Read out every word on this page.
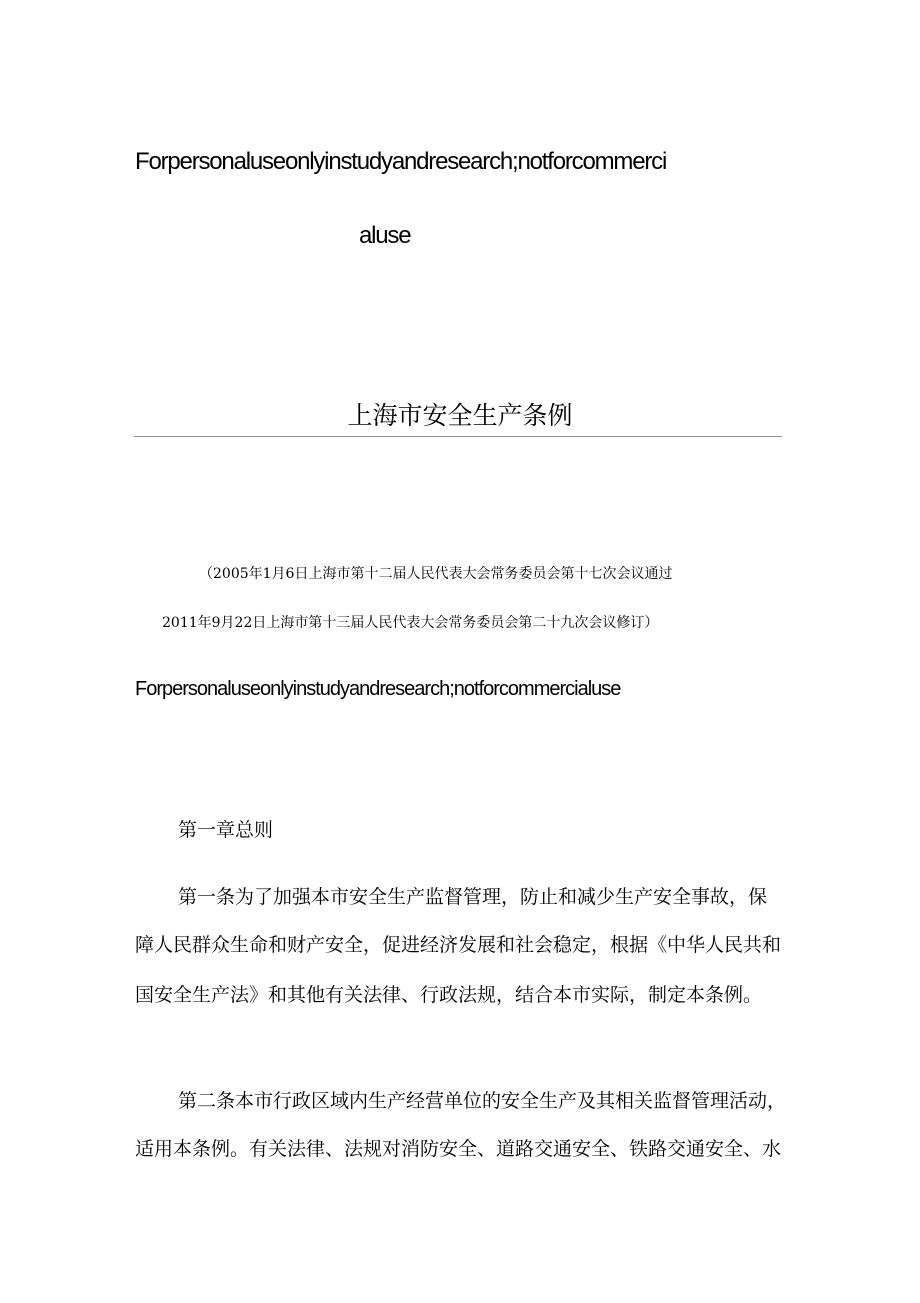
Forpersonaluseonlyinstudyandresearch;notforcommerci
aluse
上海市安全生产条例
（2005年1月6日上海市第十二届人民代表大会常务委员会第十七次会议通过
2011年9月22日上海市第十三届人民代表大会常务委员会第二十九次会议修订）
Forpersonaluseonlyinstudyandresearch;notforcommercialuse
第一章总则
第一条为了加强本市安全生产监督管理，防止和减少生产安全事故，保
障人民群众生命和财产安全，促进经济发展和社会稳定，根据《中华人民共和
国安全生产法》和其他有关法律、行政法规，结合本市实际，制定本条例。
第二条本市行政区域内生产经营单位的安全生产及其相关监督管理活动，
适用本条例。有关法律、法规对消防安全、道路交通安全、铁路交通安全、水
